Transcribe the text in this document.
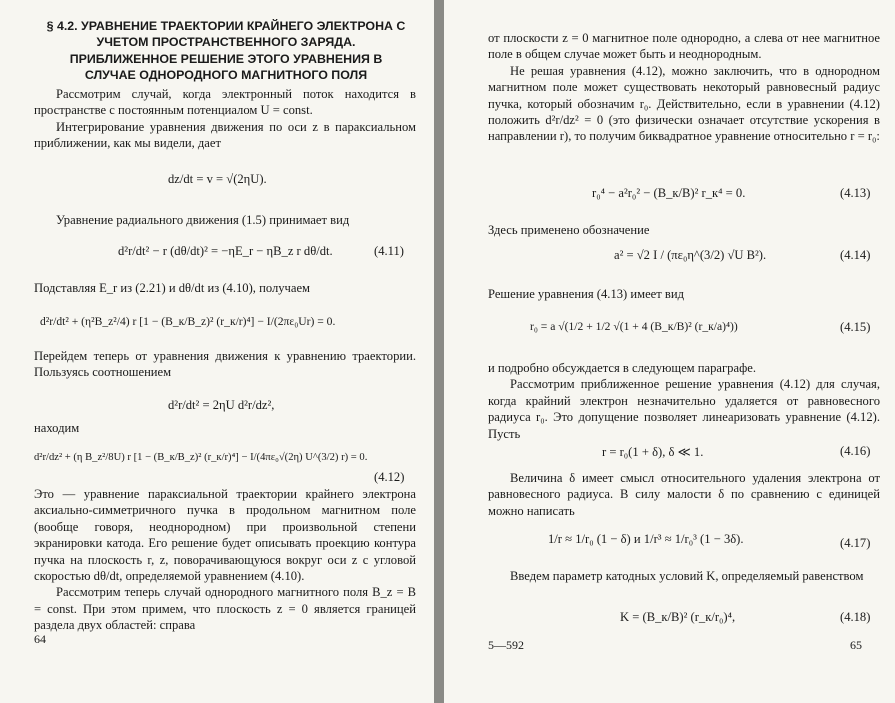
§ 4.2. УРАВНЕНИЕ ТРАЕКТОРИИ КРАЙНЕГО ЭЛЕКТРОНА С УЧЕТОМ ПРОСТРАНСТВЕННОГО ЗАРЯДА. ПРИБЛИЖЕННОЕ РЕШЕНИЕ ЭТОГО УРАВНЕНИЯ В СЛУЧАЕ ОДНОРОДНОГО МАГНИТНОГО ПОЛЯ

Рассмотрим случай, когда электронный поток находится в пространстве с постоянным потенциалом U = const.

Интегрирование уравнения движения по оси z в параксиальном приближении, как мы видели, дает

dz/dt = v = √(2ηU).

Уравнение радиального движения (1.5) принимает вид

d²r/dt² − r (dθ/dt)² = −ηE_r − ηB_z r dθ/dt.	(4.11)

Подставляя E_r из (2.21) и dθ/dt из (4.10), получаем

d²r/dt² + (η²B_z²/4) r [1 − (B_к/B_z)² (r_к/r)⁴] − I/(2πε₀Ur) = 0.

Перейдем теперь от уравнения движения к уравнению траектории. Пользуясь соотношением

d²r/dt² = 2ηU d²r/dz²,

находим

d²r/dz² + (η B_z²/8U) r [1 − (B_к/B_z)² (r_к/r)⁴] − I/(4πε₀√(2η) U^(3/2) r) = 0.
(4.12)

Это — уравнение параксиальной траектории крайнего электрона аксиально-симметричного пучка в продольном магнитном поле (вообще говоря, неоднородном) при произвольной степени экранировки катода. Его решение будет описывать проекцию контура пучка на плоскость r, z, поворачивающуюся вокруг оси z с угловой скоростью dθ/dt, определяемой уравнением (4.10).

Рассмотрим теперь случай однородного магнитного поля B_z = B = const. При этом примем, что плоскость z = 0 является границей раздела двух областей: справа

64

от плоскости z = 0 магнитное поле однородно, а слева от нее магнитное поле в общем случае может быть и неоднородным.

Не решая уравнения (4.12), можно заключить, что в однородном магнитном поле может существовать некоторый равновесный радиус пучка, который обозначим r₀. Действительно, если в уравнении (4.12) положить d²r/dz² = 0 (это физически означает отсутствие ускорения в направлении r), то получим биквадратное уравнение относительно r = r₀:

r₀⁴ − a²r₀² − (B_к/B)² r_к⁴ = 0.	(4.13)

Здесь применено обозначение

a² = √2 I / (πε₀η^(3/2) √U B²).	(4.14)

Решение уравнения (4.13) имеет вид

r₀ = a √(1/2 + 1/2 √(1 + 4 (B_к/B)² (r_к/a)⁴))	(4.15)

и подробно обсуждается в следующем параграфе.

Рассмотрим приближенное решение уравнения (4.12) для случая, когда крайний электрон незначительно удаляется от равновесного радиуса r₀. Это допущение позволяет линеаризовать уравнение (4.12). Пусть

r = r₀(1 + δ), δ ≪ 1.	(4.16)

Величина δ имеет смысл относительного удаления электрона от равновесного радиуса. В силу малости δ по сравнению с единицей можно написать

1/r ≈ 1/r₀ (1 − δ) и 1/r³ ≈ 1/r₀³ (1 − 3δ).	(4.17)

Введем параметр катодных условий K, определяемый равенством

K = (B_к/B)² (r_к/r₀)⁴,	(4.18)
5—592	65
